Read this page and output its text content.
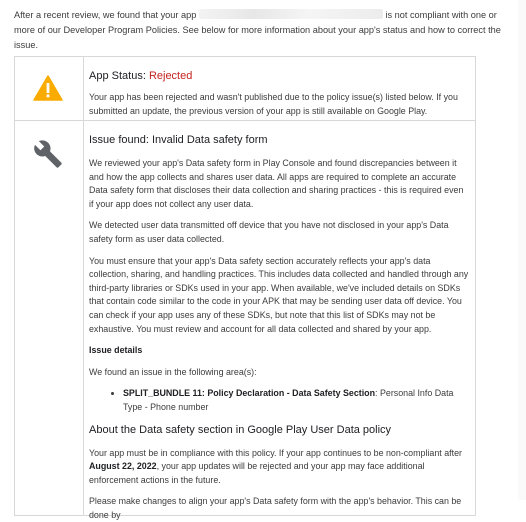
After a recent review, we found that your app	is not compliant with one or more of our Developer Program Policies. See below for more information about your app's status and how to correct the issue.
App Status: Rejected

Your app has been rejected and wasn't published due to the policy issue(s) listed below. If you submitted an update, the previous version of your app is still available on Google Play.

Issue found: Invalid Data safety form

We reviewed your app's Data safety form in Play Console and found discrepancies between it and how the app collects and shares user data. All apps are required to complete an accurate Data safety form that discloses their data collection and sharing practices - this is required even if your app does not collect any user data.

We detected user data transmitted off device that you have not disclosed in your app's Data safety form as user data collected.

You must ensure that your app's Data safety section accurately reflects your app's data collection, sharing, and handling practices. This includes data collected and handled through any third-party libraries or SDKs used in your app. When available, we've included details on SDKs that contain code similar to the code in your APK that may be sending user data off device. You can check if your app uses any of these SDKs, but note that this list of SDKs may not be exhaustive. You must review and account for all data collected and shared by your app.

Issue details

We found an issue in the following area(s):

• SPLIT_BUNDLE 11: Policy Declaration - Data Safety Section: Personal Info Data Type - Phone number
About the Data safety section in Google Play User Data policy

Your app must be in compliance with this policy. If your app continues to be non-compliant after August 22, 2022, your app updates will be rejected and your app may face additional enforcement actions in the future.

Please make changes to align your app's Data safety form with the app's behavior. This can be done by
